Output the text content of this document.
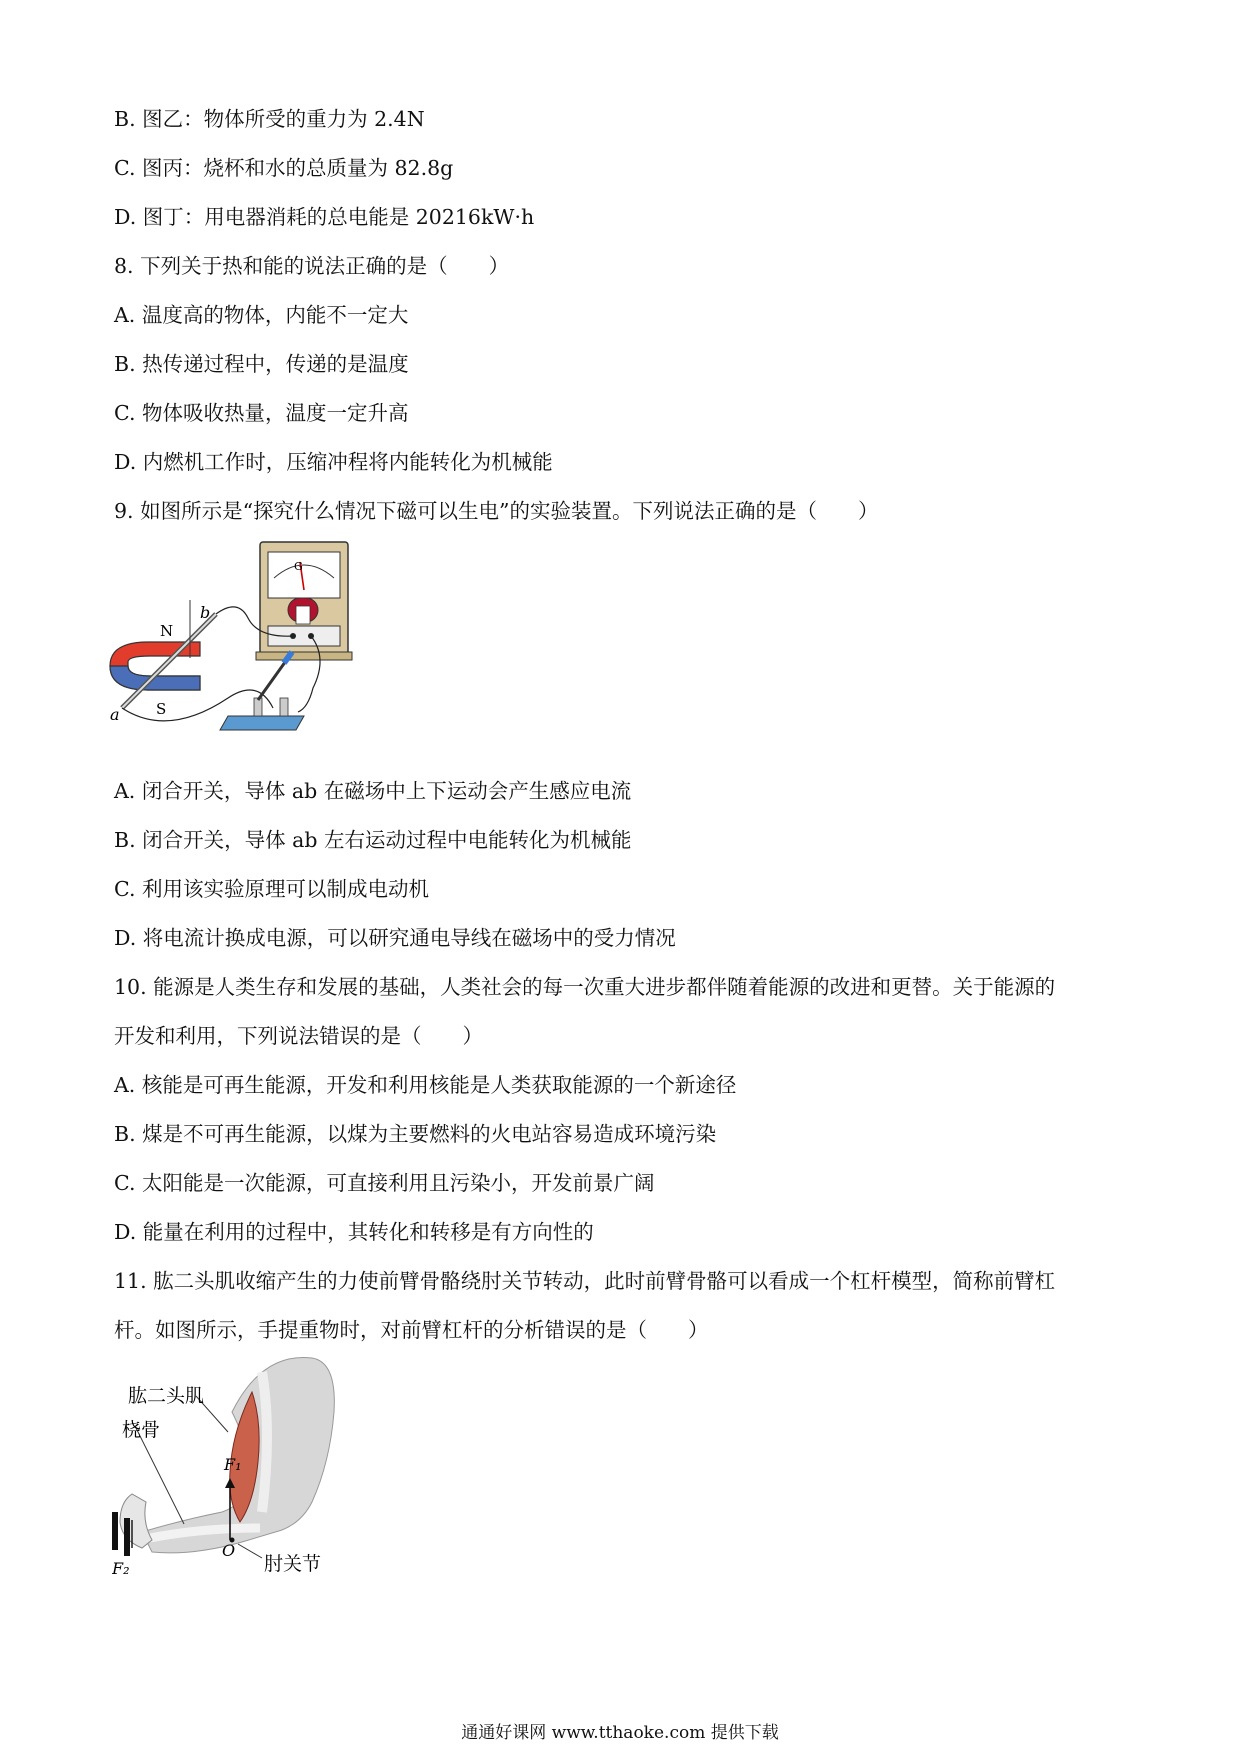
B. 图乙：物体所受的重力为 2.4N
C. 图丙：烧杯和水的总质量为 82.8g
D. 图丁：用电器消耗的总电能是 20216kW·h
8. 下列关于热和能的说法正确的是（　　）
A. 温度高的物体，内能不一定大
B. 热传递过程中，传递的是温度
C. 物体吸收热量，温度一定升高
D. 内燃机工作时，压缩冲程将内能转化为机械能
9. 如图所示是“探究什么情况下磁可以生电”的实验装置。下列说法正确的是（　　）
G
N
S
a
b
A. 闭合开关，导体 ab 在磁场中上下运动会产生感应电流
B. 闭合开关，导体 ab 左右运动过程中电能转化为机械能
C. 利用该实验原理可以制成电动机
D. 将电流计换成电源，可以研究通电导线在磁场中的受力情况
10. 能源是人类生存和发展的基础，人类社会的每一次重大进步都伴随着能源的改进和更替。关于能源的
开发和利用，下列说法错误的是（　　）
A. 核能是可再生能源，开发和利用核能是人类获取能源的一个新途径
B. 煤是不可再生能源，以煤为主要燃料的火电站容易造成环境污染
C. 太阳能是一次能源，可直接利用且污染小，开发前景广阔
D. 能量在利用的过程中，其转化和转移是有方向性的
11. 肱二头肌收缩产生的力使前臂骨骼绕肘关节转动，此时前臂骨骼可以看成一个杠杆模型，简称前臂杠
杆。如图所示，手提重物时，对前臂杠杆的分析错误的是（　　）
肱二头肌
桡骨
F₁
F₂
O
肘关节
通通好课网 www.tthaoke.com 提供下载
